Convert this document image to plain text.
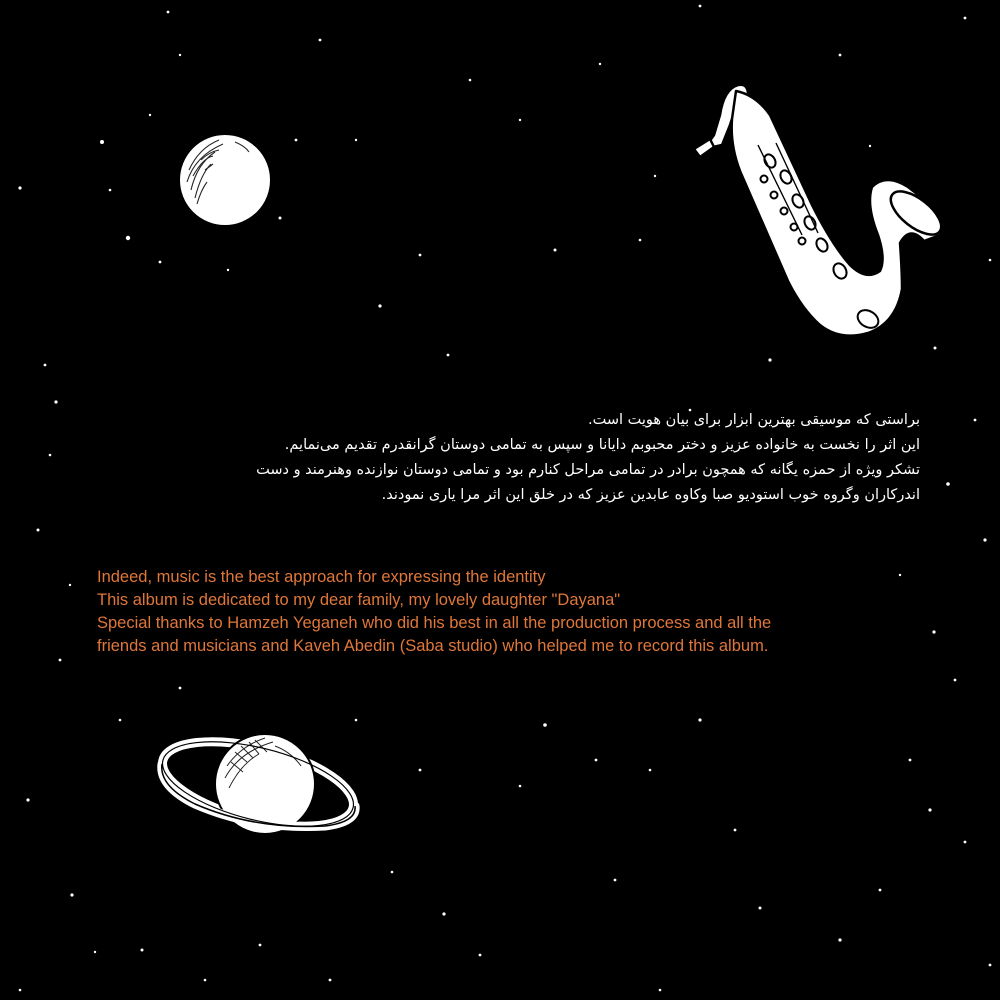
براستی که موسیقی بهترین ابزار برای بیان هویت است.
این اثر را نخست به خانواده عزیز و دختر محبوبم دایانا و سپس به تمامی دوستان گرانقدرم تقدیم می‌نمایم.
تشکر ویژه از حمزه یگانه که همچون برادر در تمامی مراحل کنارم بود و تمامی دوستان نوازنده وهنرمند و دست
اندرکاران وگروه خوب استودیو صبا وکاوه عابدین عزیز که در خلق این اثر مرا یاری نمودند.
Indeed, music is the best approach for expressing the identity
This album is dedicated to my dear family, my lovely daughter "Dayana"
Special thanks to Hamzeh Yeganeh who did his best in all the production process and all the
friends and musicians and Kaveh Abedin (Saba studio) who helped me to record this album.
